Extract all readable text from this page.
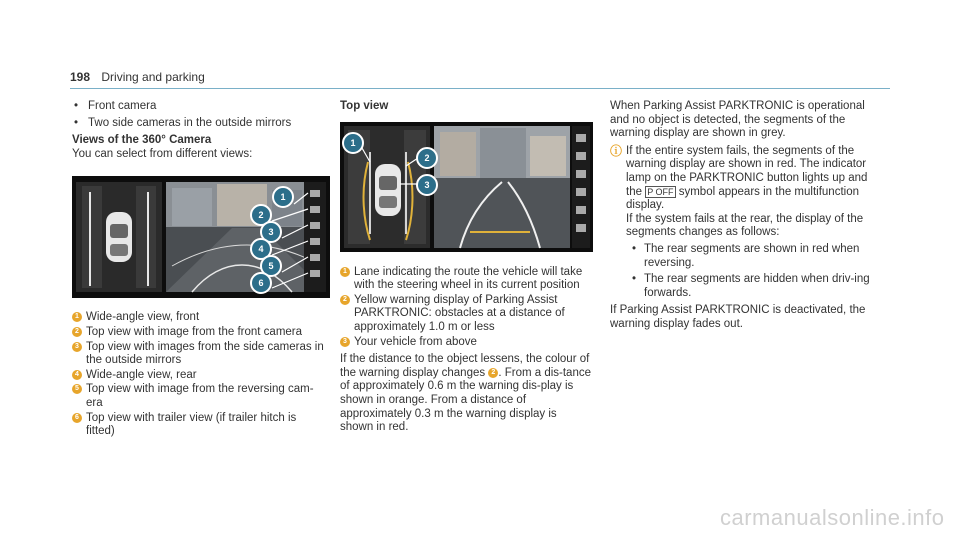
198 Driving and parking
• Front camera
• Two side cameras in the outside mirrors
Views of the 360° Camera
You can select from different views:
1
2
3
4
5
6
1 Wide-angle view, front
2 Top view with image from the front camera
3 Top view with images from the side cameras in the outside mirrors
4 Wide-angle view, rear
5 Top view with image from the reversing cam-era
6 Top view with trailer view (if trailer hitch is fitted)
Top view
1
2
3
1 Lane indicating the route the vehicle will take with the steering wheel in its current position
2 Yellow warning display of Parking Assist PARKTRONIC: obstacles at a distance of approximately 1.0 m or less
3 Your vehicle from above
If the distance to the object lessens, the colour of the warning display changes 2 . From a dis-tance of approximately 0.6 m the warning dis-play is shown in orange. From a distance of approximately 0.3 m the warning display is shown in red.
When Parking Assist PARKTRONIC is operational and no object is detected, the segments of the warning display are shown in grey.
ⓘ If the entire system fails, the segments of the warning display are shown in red. The indicator lamp on the PARKTRONIC button lights up and the P OFF symbol appears in the multifunction display.
If the system fails at the rear, the display of the segments changes as follows:
• The rear segments are shown in red when reversing.
• The rear segments are hidden when driv-ing forwards.
If Parking Assist PARKTRONIC is deactivated, the warning display fades out.
carmanualsonline.info
